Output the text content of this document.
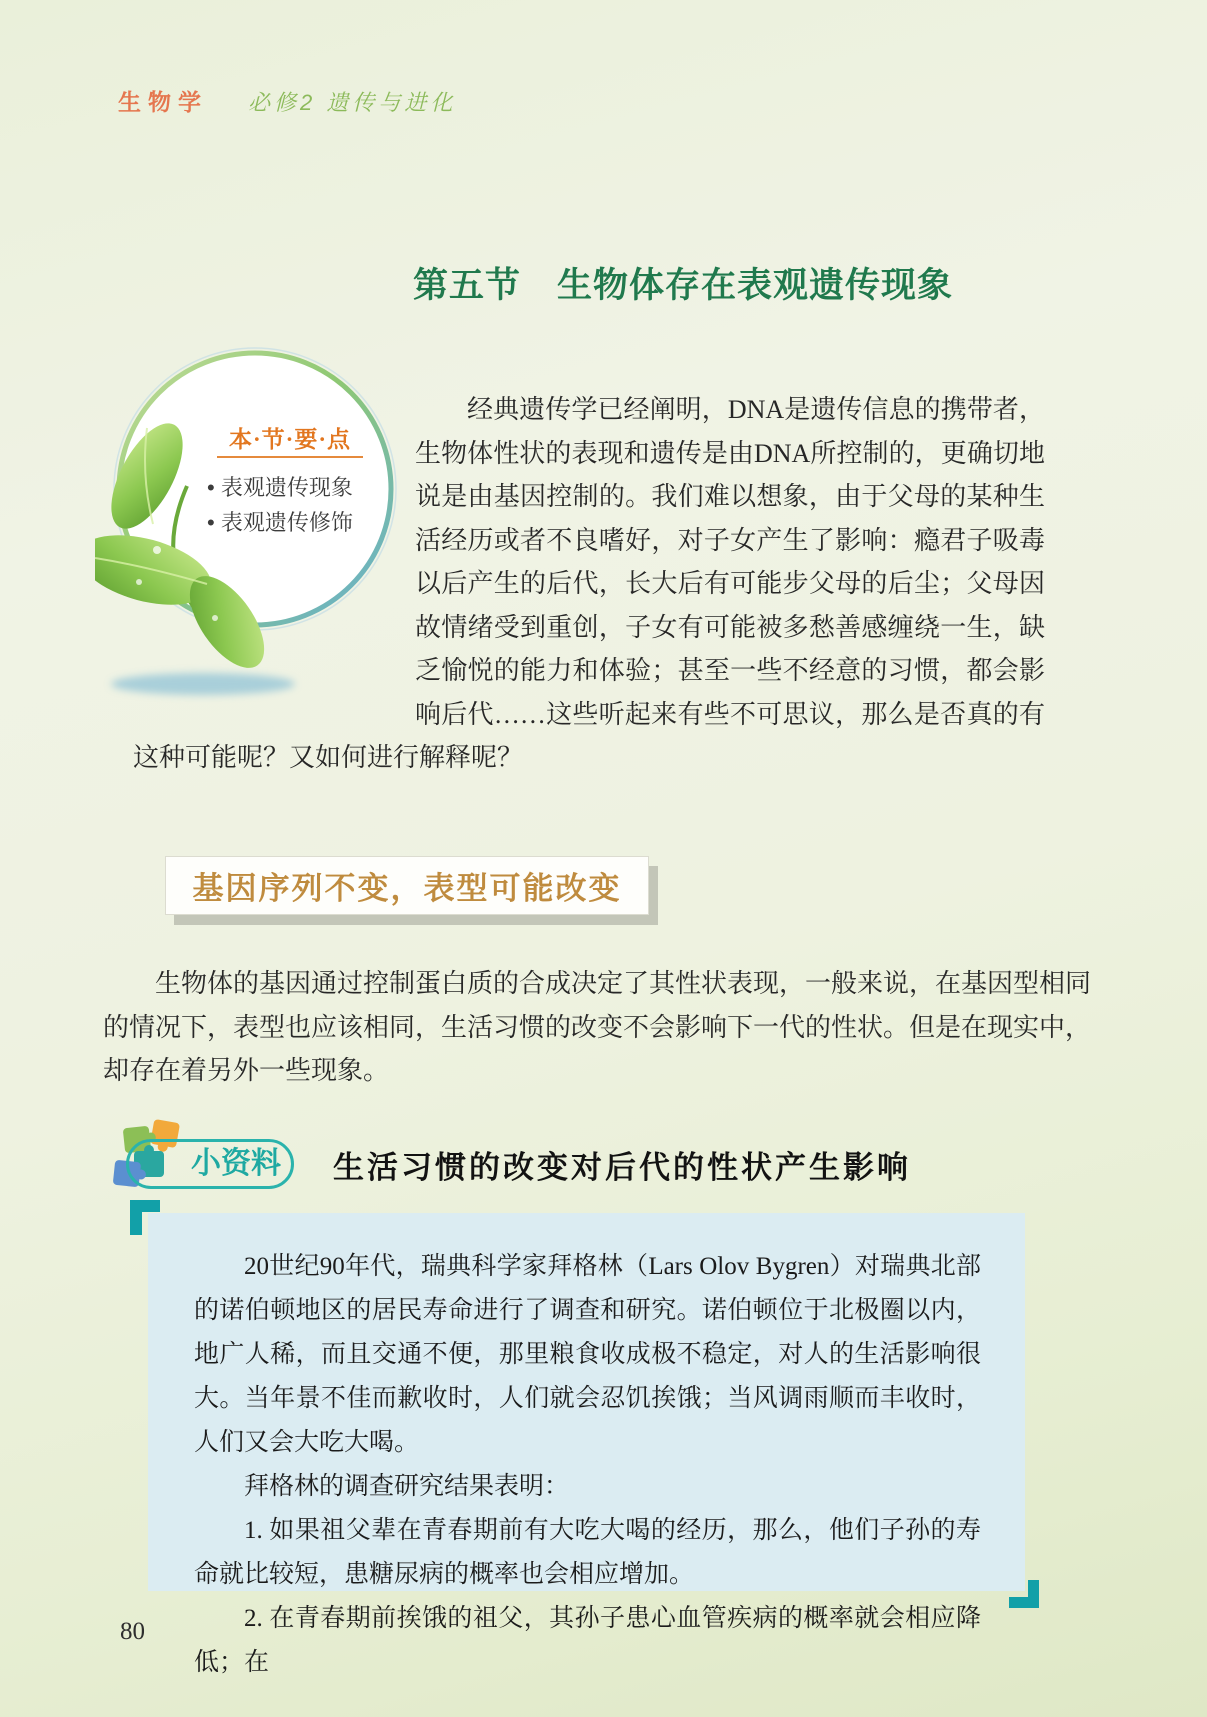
生物学 必修2 遗传与进化
第五节　生物体存在表观遗传现象
本·节·要·点
• 表观遗传现象
• 表观遗传修饰

经典遗传学已经阐明，DNA是遗传信息的携带者，生物体性状的表现和遗传是由DNA所控制的，更确切地说是由基因控制的。我们难以想象，由于父母的某种生活经历或者不良嗜好，对子女产生了影响：瘾君子吸毒以后产生的后代，长大后有可能步父母的后尘；父母因故情绪受到重创，子女有可能被多愁善感缠绕一生，缺乏愉悦的能力和体验；甚至一些不经意的习惯，都会影响后代……这些听起来有些不可思议，那么是否真的有这种可能呢？又如何进行解释呢？

基因序列不变，表型可能改变

生物体的基因通过控制蛋白质的合成决定了其性状表现，一般来说，在基因型相同的情况下，表型也应该相同，生活习惯的改变不会影响下一代的性状。但是在现实中，却存在着另外一些现象。

小资料	生活习惯的改变对后代的性状产生影响

20世纪90年代，瑞典科学家拜格林（Lars Olov Bygren）对瑞典北部的诺伯顿地区的居民寿命进行了调查和研究。诺伯顿位于北极圈以内，地广人稀，而且交通不便，那里粮食收成极不稳定，对人的生活影响很大。当年景不佳而歉收时，人们就会忍饥挨饿；当风调雨顺而丰收时，人们又会大吃大喝。

拜格林的调查研究结果表明：

1. 如果祖父辈在青春期前有大吃大喝的经历，那么，他们子孙的寿命就比较短，患糖尿病的概率也会相应增加。

2. 在青春期前挨饿的祖父，其孙子患心血管疾病的概率就会相应降低；在

80
